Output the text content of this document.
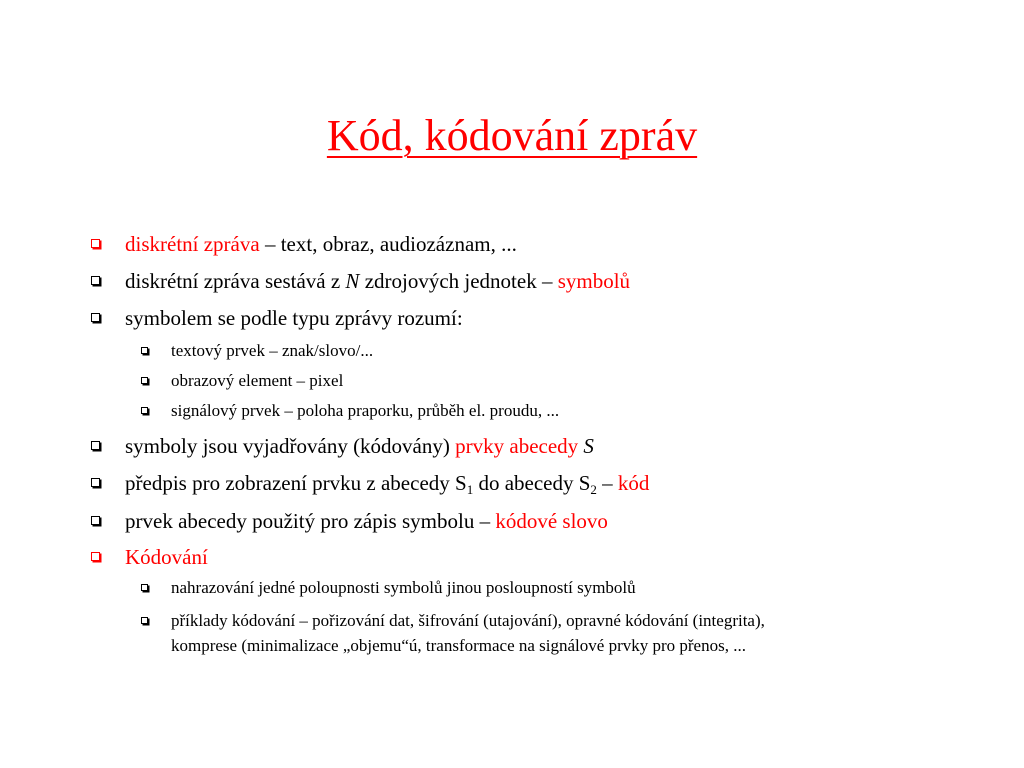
Kód, kódování zpráv
diskrétní zpráva – text, obraz, audiozáznam, ...
diskrétní zpráva sestává z N zdrojových jednotek – symbolů
symbolem se podle typu zprávy rozumí:
textový prvek – znak/slovo/...
obrazový element – pixel
signálový prvek – poloha praporku, průběh el. proudu, ...
symboly jsou vyjadřovány (kódovány) prvky abecedy S
předpis pro zobrazení prvku z abecedy $S_1$ do abecedy $S_2$ – kód
prvek abecedy použitý pro zápis symbolu – kódové slovo
Kódování
nahrazování jedné poloupnosti symbolů jinou posloupností symbolů
příklady kódování – pořizování dat, šifrování (utajování), opravné kódování (integrita),
komprese (minimalizace „objemu“ú, transformace na signálové prvky pro přenos, ...
